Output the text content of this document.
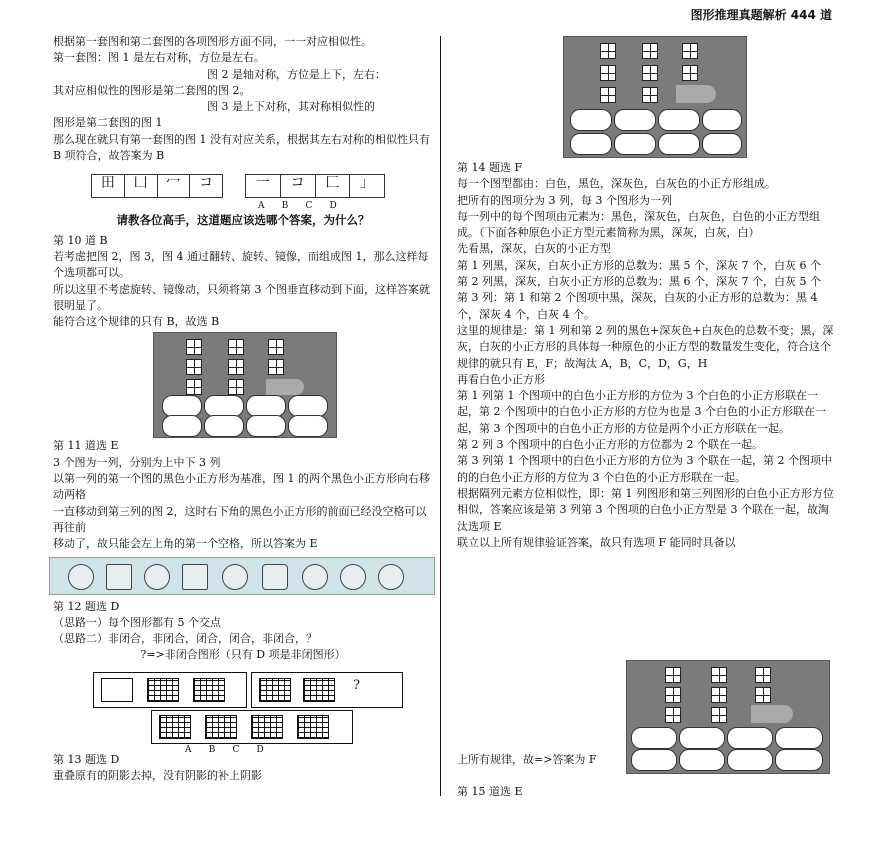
图形推理真题解析 444 道

根据第一套图和第二套图的各项图形方面不同，一一对应相似性。

第一套图：图 1 是左右对称，方位是左右。

图 2 是轴对称，方位是上下，左右：

其对应相似性的图形是第二套图的图 2。

图 3 是上下对称，其对称相似性的

图形是第二套图的图 1

那么现在就只有第一套图的图 1 没有对应关系，根据其左右对称的相似性只有 B 项符合，故答案为 B

田	凵	冖	コ	一	コ	匚	」
A      B      C      D

请教各位高手，这道题应该选哪个答案，为什么？

第 10 道 B

若考虑把图 2，图 3，图 4 通过翻转、旋转、镜像，而组成图 1，那么这样每个选项都可以。

所以这里不考虑旋转、镜像动，只须将第 3 个图垂直移动到下面，这样答案就很明显了。

能符合这个规律的只有 B，故选 B

第 11 道选 E

3 个图为一列，分别为上中下 3 列

以第一列的第一个图的黑色小正方形为基准，图 1 的两个黑色小正方形向右移动两格

一直移动到第三列的图 2，这时右下角的黑色小正方形的前面已经没空格可以再往前

移动了，故只能会左上角的第一个空格，所以答案为 E

第 12 题选 D

（思路一）每个图形都有 5 个交点

（思路二）非闭合，非闭合，闭合，闭合，非闭合，？

?=>非闭合图形（只有 D 项是非闭图形）

?
A      B      C      D

第 13 题选 D

重叠原有的阴影去掉，没有阴影的补上阴影

第 14 题选 F

每一个图型都由：白色，黑色，深灰色，白灰色的小正方形组成。

把所有的图项分为 3 列，每 3 个图形为一列

每一列中的每个图项由元素为：黑色，深灰色，白灰色，白色的小正方型组成。（下面各种原色小正方型元素简称为黑，深灰，白灰，白）

先看黑，深灰，白灰的小正方型

第 1 列黑，深灰，白灰小正方形的总数为：黑 5 个，深灰 7 个，白灰 6 个

第 2 列黑，深灰，白灰小正方形的总数为：黑 6 个，深灰 7 个，白灰 5 个

第 3 列：第 1 和第 2 个图项中黑，深灰，白灰的小正方形的总数为：黑 4 个，深灰 4 个，白灰 4 个。

这里的规律是：第 1 列和第 2 列的黑色+深灰色+白灰色的总数不变；黑，深灰，白灰的小正方形的具体每一种原色的小正方型的数量发生变化，符合这个规律的就只有 E，F；故淘汰 A，B，C，D，G，H

再看白色小正方形

第 1 列第 1 个图项中的白色小正方形的方位为 3 个白色的小正方形联在一起，第 2 个图项中的白色小正方形的方位为也是 3 个白色的小正方形联在一起，第 3 个图项中的白色小正方形的方位是两个小正方形联在一起。

第 2 列 3 个图项中的白色小正方形的方位都为 2 个联在一起。

第 3 列第 1 个图项中的白色小正方形的方位为 3 个联在一起，第 2 个图项中的的白色小正方形的方位为 3 个白色的小正方形联在一起。

根据隔列元素方位相似性，即：第 1 列图形和第三列图形的白色小正方形方位相似，答案应该是第 3 列第 3 个图项的白色小正方型是 3 个联在一起，故淘汰选项 E

联立以上所有规律验证答案，故只有选项 F 能同时具备以

上所有规律，故=>答案为 F

第 15 道选 E
